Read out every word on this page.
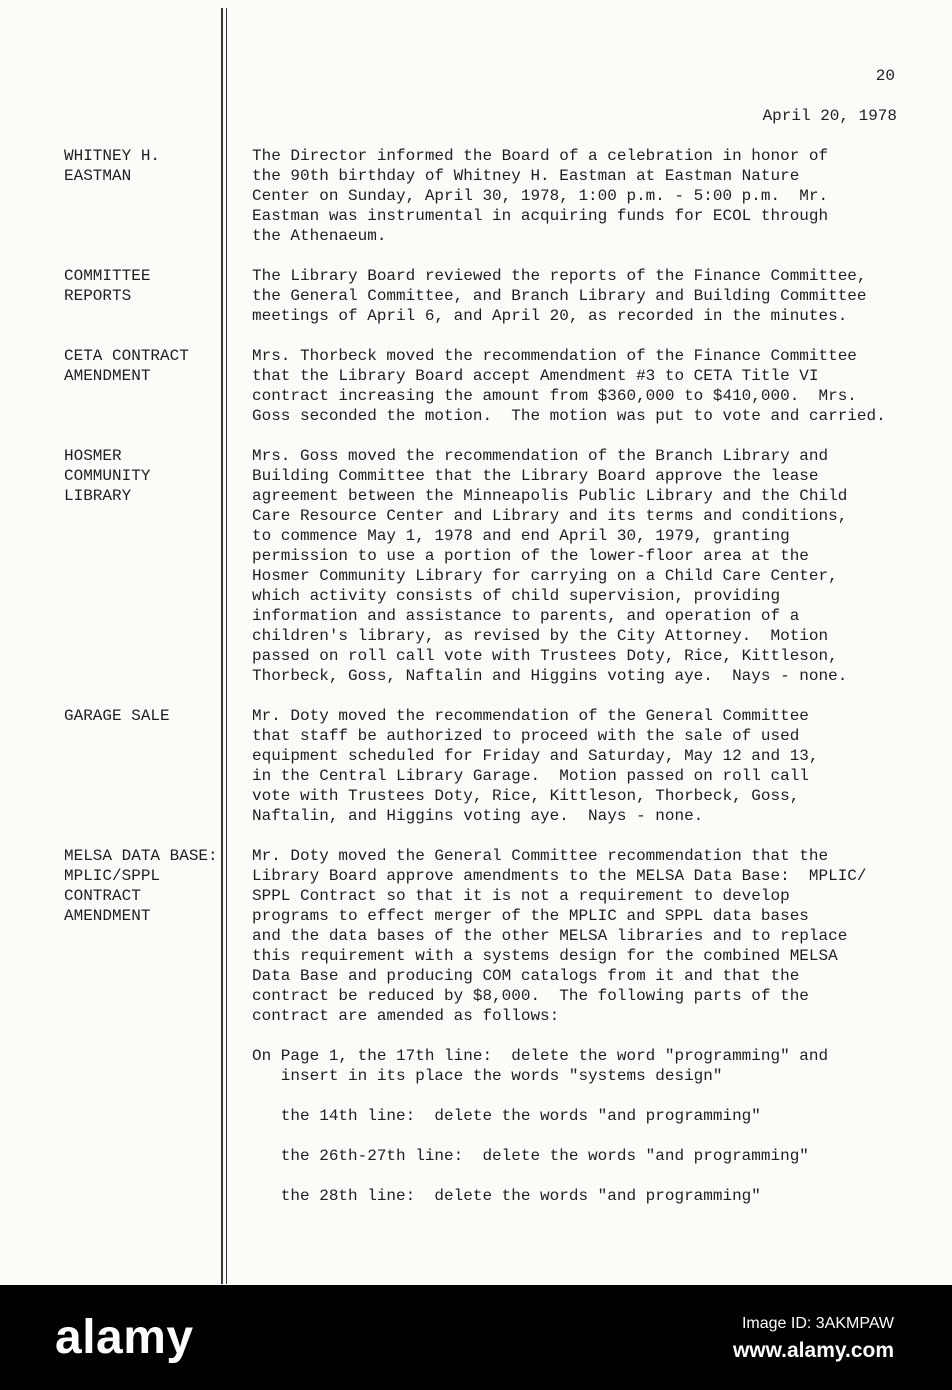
20
April 20, 1978
WHITNEY H.
EASTMAN
The Director informed the Board of a celebration in honor of
the 90th birthday of Whitney H. Eastman at Eastman Nature
Center on Sunday, April 30, 1978, 1:00 p.m. - 5:00 p.m.  Mr.
Eastman was instrumental in acquiring funds for ECOL through
the Athenaeum.
COMMITTEE
REPORTS
The Library Board reviewed the reports of the Finance Committee,
the General Committee, and Branch Library and Building Committee
meetings of April 6, and April 20, as recorded in the minutes.
CETA CONTRACT
AMENDMENT
Mrs. Thorbeck moved the recommendation of the Finance Committee
that the Library Board accept Amendment #3 to CETA Title VI
contract increasing the amount from $360,000 to $410,000.  Mrs.
Goss seconded the motion.  The motion was put to vote and carried.
HOSMER
COMMUNITY
LIBRARY
Mrs. Goss moved the recommendation of the Branch Library and
Building Committee that the Library Board approve the lease
agreement between the Minneapolis Public Library and the Child
Care Resource Center and Library and its terms and conditions,
to commence May 1, 1978 and end April 30, 1979, granting
permission to use a portion of the lower-floor area at the
Hosmer Community Library for carrying on a Child Care Center,
which activity consists of child supervision, providing
information and assistance to parents, and operation of a
children's library, as revised by the City Attorney.  Motion
passed on roll call vote with Trustees Doty, Rice, Kittleson,
Thorbeck, Goss, Naftalin and Higgins voting aye.  Nays - none.
GARAGE SALE	Mr. Doty moved the recommendation of the General Committee
that staff be authorized to proceed with the sale of used
equipment scheduled for Friday and Saturday, May 12 and 13,
in the Central Library Garage.  Motion passed on roll call
vote with Trustees Doty, Rice, Kittleson, Thorbeck, Goss,
Naftalin, and Higgins voting aye.  Nays - none.
MELSA DATA BASE:
MPLIC/SPPL
CONTRACT
AMENDMENT
Mr. Doty moved the General Committee recommendation that the
Library Board approve amendments to the MELSA Data Base:  MPLIC/
SPPL Contract so that it is not a requirement to develop
programs to effect merger of the MPLIC and SPPL data bases
and the data bases of the other MELSA libraries and to replace
this requirement with a systems design for the combined MELSA
Data Base and producing COM catalogs from it and that the
contract be reduced by $8,000.  The following parts of the
contract are amended as follows:
On Page 1, the 17th line:  delete the word "programming" and
insert in its place the words "systems design"
the 14th line:  delete the words "and programming"
the 26th-27th line:  delete the words "and programming"
the 28th line:  delete the words "and programming"
alamy	Image ID: 3AKMPAW
www.alamy.com
